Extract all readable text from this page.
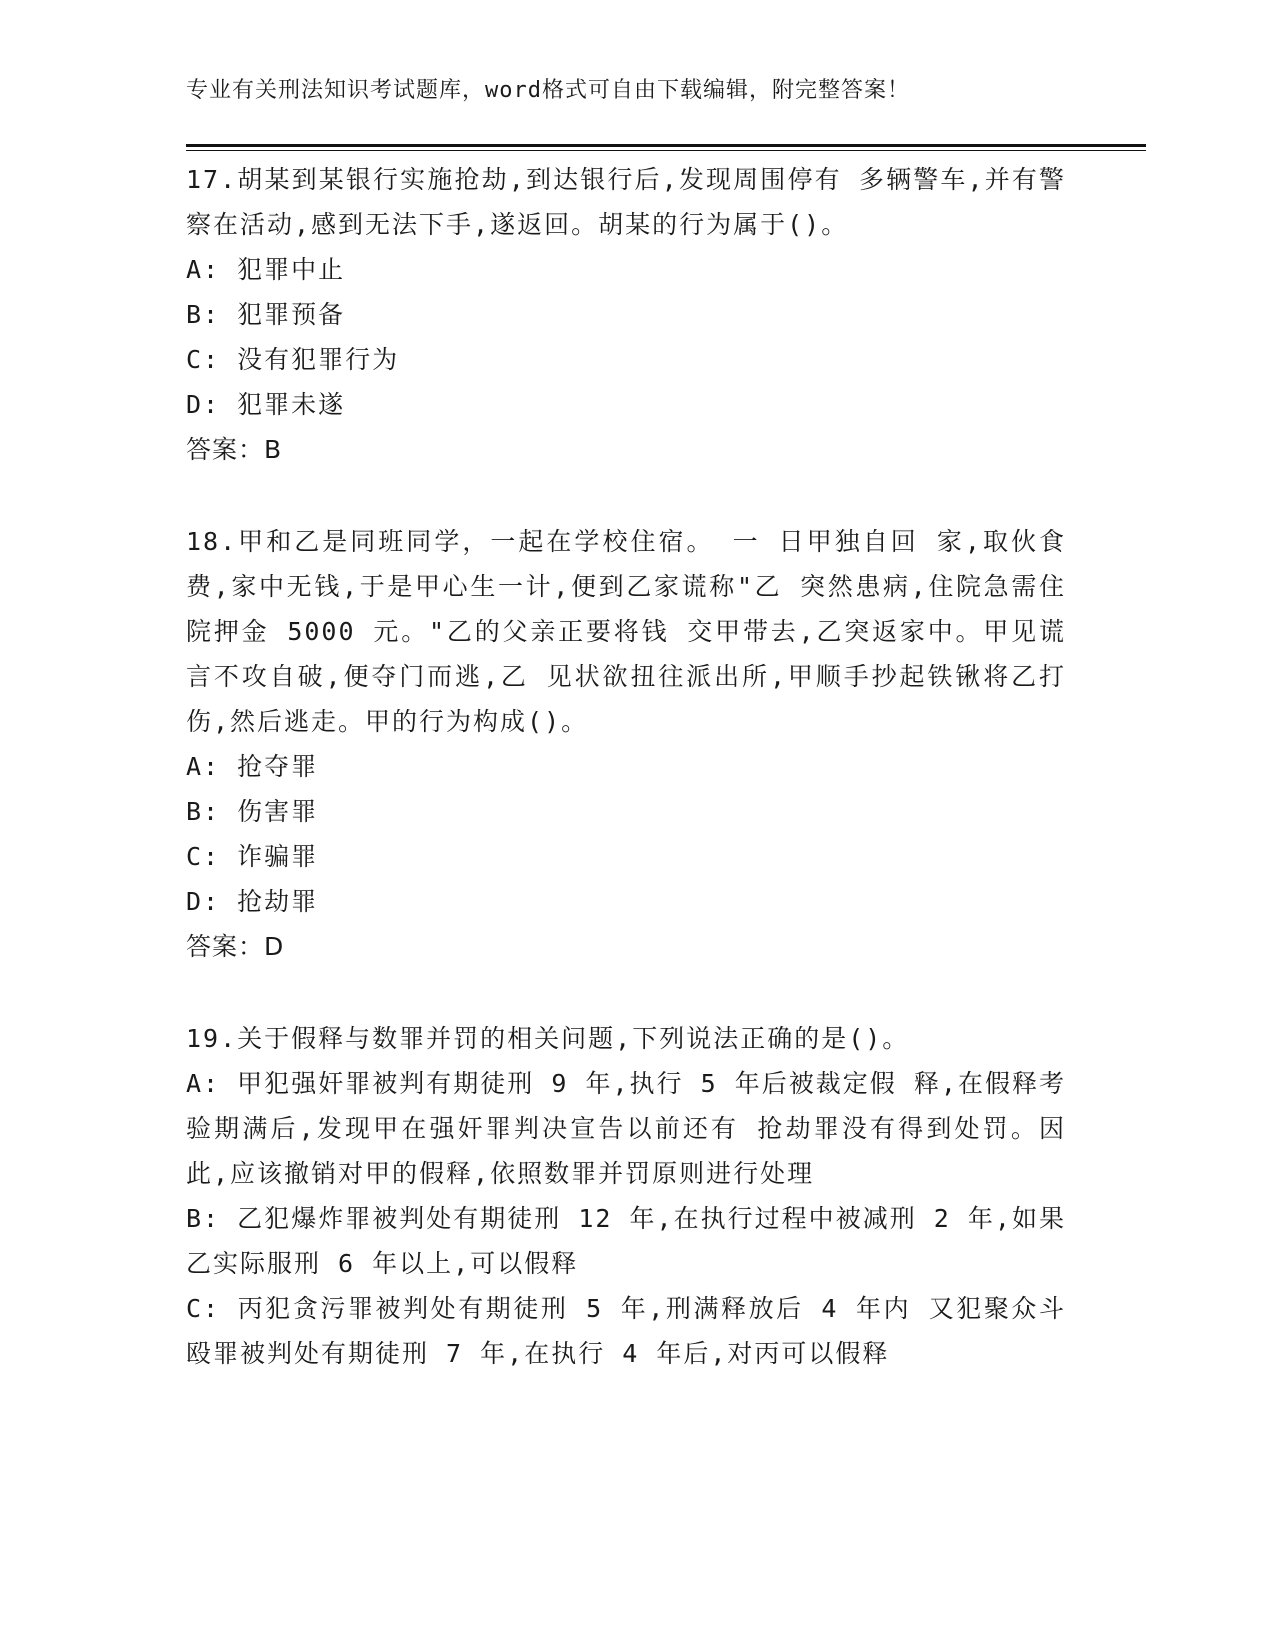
专业有关刑法知识考试题库，word格式可自由下载编辑，附完整答案！
17.胡某到某银行实施抢劫,到达银行后,发现周围停有 多辆警车,并有警察在活动,感到无法下手,遂返回。胡某的行为属于()。
A: 犯罪中止
B: 犯罪预备
C: 没有犯罪行为
D: 犯罪未遂
答案：B
18.甲和乙是同班同学，一起在学校住宿。 一 日甲独自回 家,取伙食费,家中无钱,于是甲心生一计,便到乙家谎称"乙 突然患病,住院急需住院押金 5000 元。"乙的父亲正要将钱 交甲带去,乙突返家中。甲见谎言不攻自破,便夺门而逃,乙 见状欲扭往派出所,甲顺手抄起铁锹将乙打伤,然后逃走。甲的行为构成()。
A: 抢夺罪
B: 伤害罪
C: 诈骗罪
D: 抢劫罪
答案：D
19.关于假释与数罪并罚的相关问题,下列说法正确的是()。
A: 甲犯强奸罪被判有期徒刑 9 年,执行 5 年后被裁定假 释,在假释考验期满后,发现甲在强奸罪判决宣告以前还有 抢劫罪没有得到处罚。因此,应该撤销对甲的假释,依照数罪并罚原则进行处理
B: 乙犯爆炸罪被判处有期徒刑 12 年,在执行过程中被减刑 2 年,如果乙实际服刑 6 年以上,可以假释
C: 丙犯贪污罪被判处有期徒刑 5 年,刑满释放后 4 年内 又犯聚众斗殴罪被判处有期徒刑 7 年,在执行 4 年后,对丙可以假释
